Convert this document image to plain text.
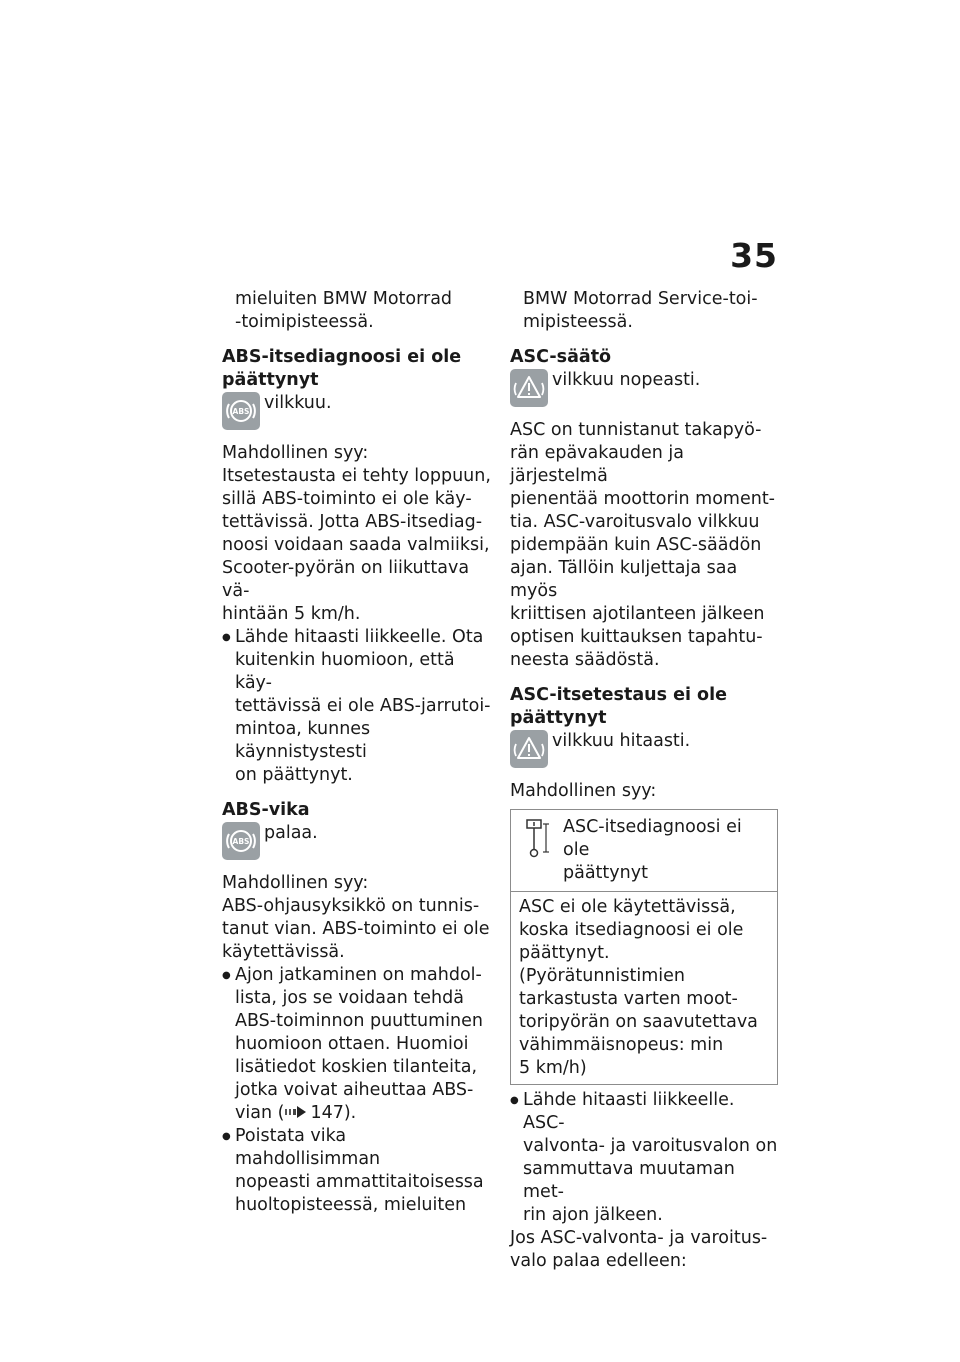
35

mieluiten BMW Motorrad
-toimipisteessä.

ABS-itsediagnoosi ei ole
päättynyt

ABS vilkkuu.

Mahdollinen syy:

Itsetestausta ei tehty loppuun,
sillä ABS-toiminto ei ole käy-
tettävissä. Jotta ABS-itsediag-
noosi voidaan saada valmiiksi,
Scooter-pyörän on liikuttava vä-
hintään 5 km/h.

● Lähde hitaasti liikkeelle. Ota
kuitenkin huomioon, että käy-
tettävissä ei ole ABS-jarrutoi-
mintoa, kunnes käynnistystesti
on päättynyt.

ABS-vika

ABS palaa.

Mahdollinen syy:

ABS-ohjausyksikkö on tunnis-
tanut vian. ABS-toiminto ei ole
käytettävissä.

● Ajon jatkaminen on mahdol-
lista, jos se voidaan tehdä
ABS-toiminnon puuttuminen
huomioon ottaen. Huomioi
lisätiedot koskien tilanteita,
jotka voivat aiheuttaa ABS-
vian ( 147).

● Poistata vika mahdollisimman
nopeasti ammattitaitoisessa
huoltopisteessä, mieluiten

BMW Motorrad Service-toi-
mipisteessä.

ASC-säätö

vilkkuu nopeasti.

ASC on tunnistanut takapyö-
rän epävakauden ja järjestelmä
pienentää moottorin moment-
tia. ASC-varoitusvalo vilkkuu
pidempään kuin ASC-säädön
ajan. Tällöin kuljettaja saa myös
kriittisen ajotilanteen jälkeen
optisen kuittauksen tapahtu-
neesta säädöstä.

ASC-itsetestaus ei ole
päättynyt

vilkkuu hitaasti.

Mahdollinen syy:

ASC-itsediagnoosi ei ole
päättynyt
ASC ei ole käytettävissä,
koska itsediagnoosi ei ole
päättynyt. (Pyörätunnistimien
tarkastusta varten moot-
toripyörän on saavutettava
vähimmäisnopeus: min
5 km/h)

● Lähde hitaasti liikkeelle. ASC-
valvonta- ja varoitusvalon on
sammuttava muutaman met-
rin ajon jälkeen.

Jos ASC-valvonta- ja varoitus-
valo palaa edelleen:
